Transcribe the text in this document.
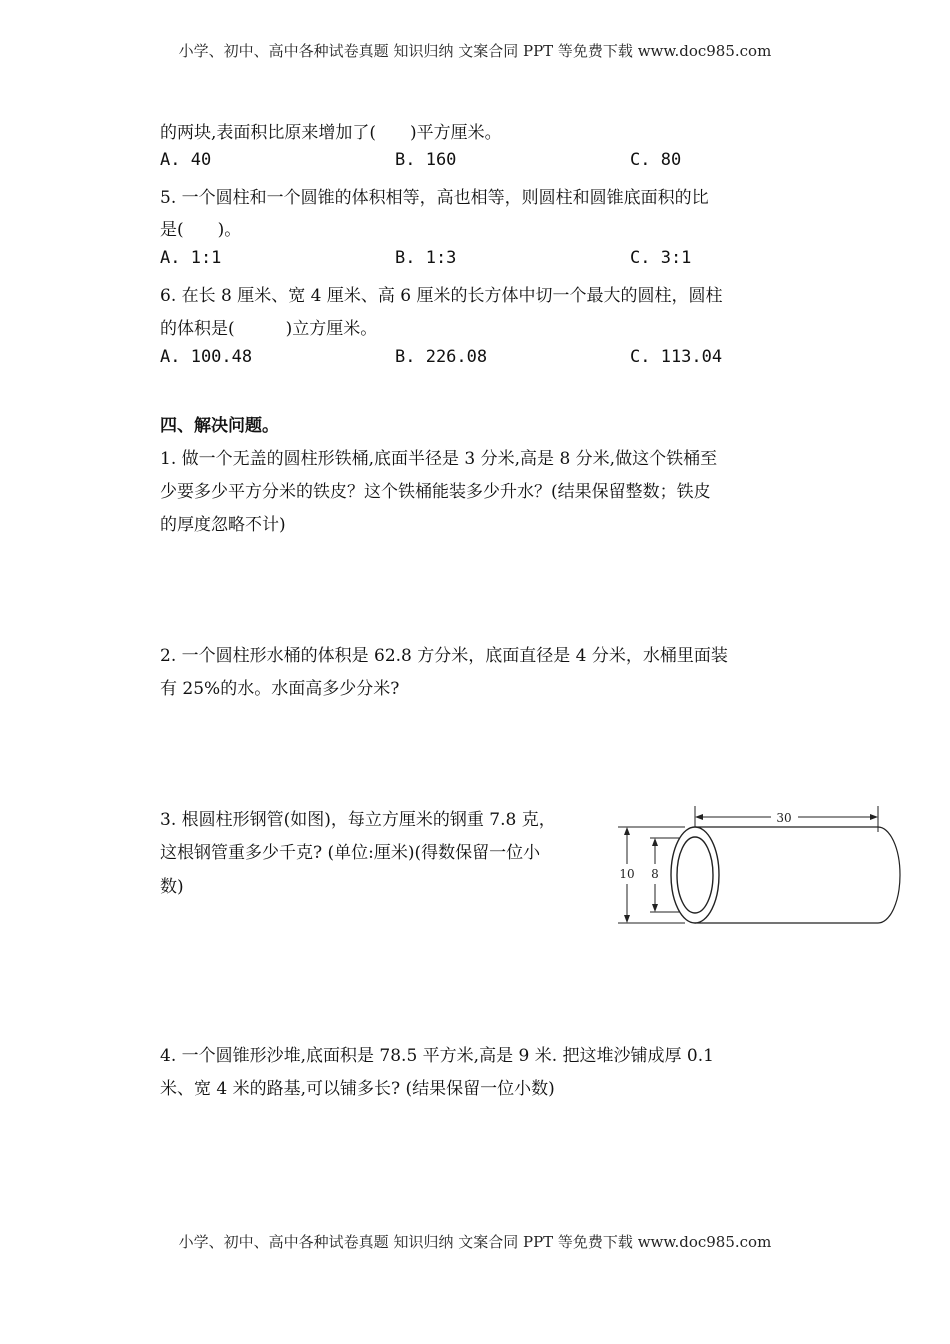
小学、初中、高中各种试卷真题 知识归纳 文案合同 PPT 等免费下载 www.doc985.com
的两块,表面积比原来增加了(　　)平方厘米。
A. 40	B. 160	C. 80
5. 一个圆柱和一个圆锥的体积相等，高也相等，则圆柱和圆锥底面积的比
是(　　)。
A. 1:1	B. 1:3	C. 3:1
6. 在长 8 厘米、宽 4 厘米、高 6 厘米的长方体中切一个最大的圆柱，圆柱
的体积是(　　　)立方厘米。
A. 100.48	B. 226.08	C. 113.04
四、解决问题。
1. 做一个无盖的圆柱形铁桶,底面半径是 3 分米,高是 8 分米,做这个铁桶至
少要多少平方分米的铁皮？这个铁桶能装多少升水？(结果保留整数；铁皮
的厚度忽略不计)
2. 一个圆柱形水桶的体积是 62.8 方分米，底面直径是 4 分米，水桶里面装
有 25%的水。水面高多少分米?
3. 根圆柱形钢管(如图)，每立方厘米的钢重 7.8 克，
这根钢管重多少千克? (单位:厘米)(得数保留一位小
数)
30
10 8
4. 一个圆锥形沙堆,底面积是 78.5 平方米,高是 9 米. 把这堆沙铺成厚 0.1
米、宽 4 米的路基,可以铺多长? (结果保留一位小数)
小学、初中、高中各种试卷真题 知识归纳 文案合同 PPT 等免费下载 www.doc985.com
